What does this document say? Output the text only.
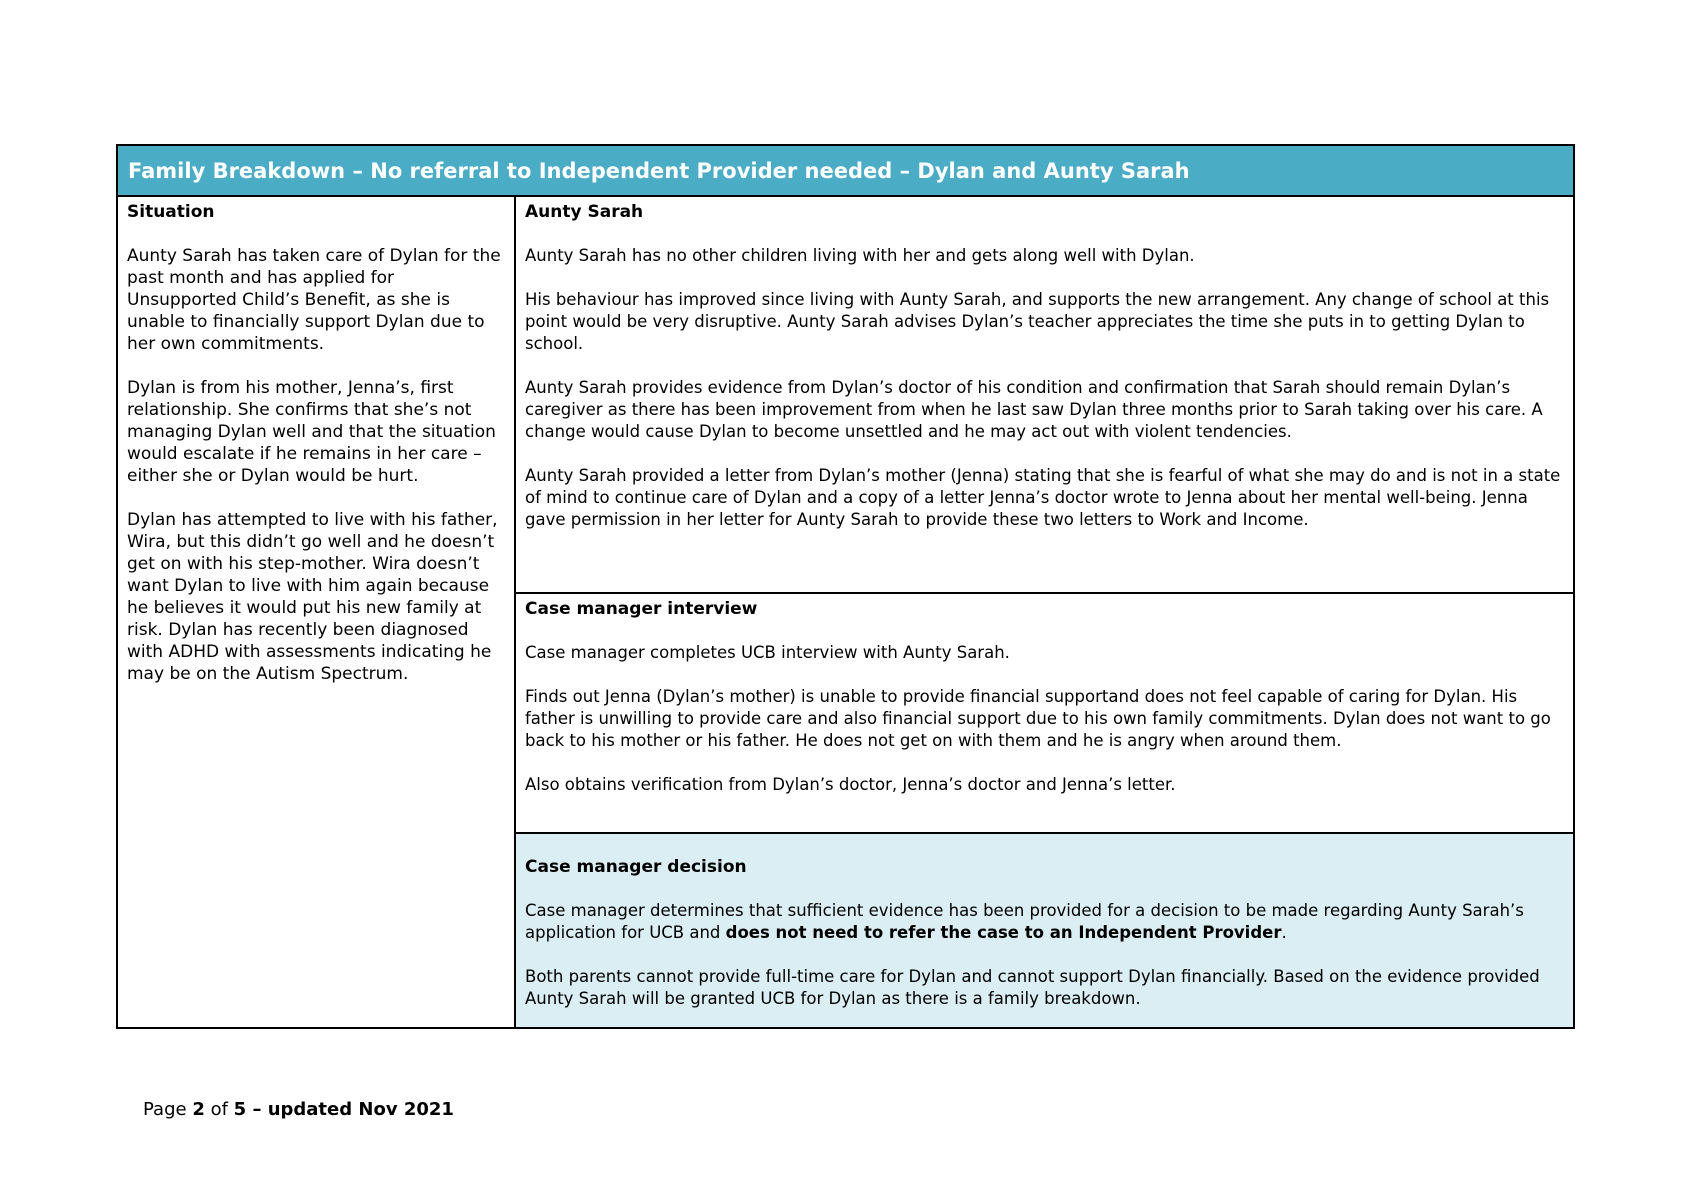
Family Breakdown – No referral to Independent Provider needed – Dylan and Aunty Sarah
Situation

Aunty Sarah has taken care of Dylan for the past month and has applied for Unsupported Child’s Benefit, as she is unable to financially support Dylan due to her own commitments.

Dylan is from his mother, Jenna’s, first relationship. She confirms that she’s not managing Dylan well and that the situation would escalate if he remains in her care – either she or Dylan would be hurt.

Dylan has attempted to live with his father, Wira, but this didn’t go well and he doesn’t get on with his step-mother. Wira doesn’t want Dylan to live with him again because he believes it would put his new family at risk. Dylan has recently been diagnosed with ADHD with assessments indicating he may be on the Autism Spectrum.

Aunty Sarah

Aunty Sarah has no other children living with her and gets along well with Dylan.

His behaviour has improved since living with Aunty Sarah, and supports the new arrangement. Any change of school at this point would be very disruptive. Aunty Sarah advises Dylan’s teacher appreciates the time she puts in to getting Dylan to school.

Aunty Sarah provides evidence from Dylan’s doctor of his condition and confirmation that Sarah should remain Dylan’s caregiver as there has been improvement from when he last saw Dylan three months prior to Sarah taking over his care. A change would cause Dylan to become unsettled and he may act out with violent tendencies.

Aunty Sarah provided a letter from Dylan’s mother (Jenna) stating that she is fearful of what she may do and is not in a state of mind to continue care of Dylan and a copy of a letter Jenna’s doctor wrote to Jenna about her mental well-being. Jenna gave permission in her letter for Aunty Sarah to provide these two letters to Work and Income.

Case manager interview

Case manager completes UCB interview with Aunty Sarah.

Finds out Jenna (Dylan’s mother) is unable to provide financial supportand does not feel capable of caring for Dylan. His father is unwilling to provide care and also financial support due to his own family commitments. Dylan does not want to go back to his mother or his father. He does not get on with them and he is angry when around them.

Also obtains verification from Dylan’s doctor, Jenna’s doctor and Jenna’s letter.

Case manager decision

Case manager determines that sufficient evidence has been provided for a decision to be made regarding Aunty Sarah’s application for UCB and does not need to refer the case to an Independent Provider.

Both parents cannot provide full-time care for Dylan and cannot support Dylan financially. Based on the evidence provided Aunty Sarah will be granted UCB for Dylan as there is a family breakdown.

Page 2 of 5 – updated Nov 2021
